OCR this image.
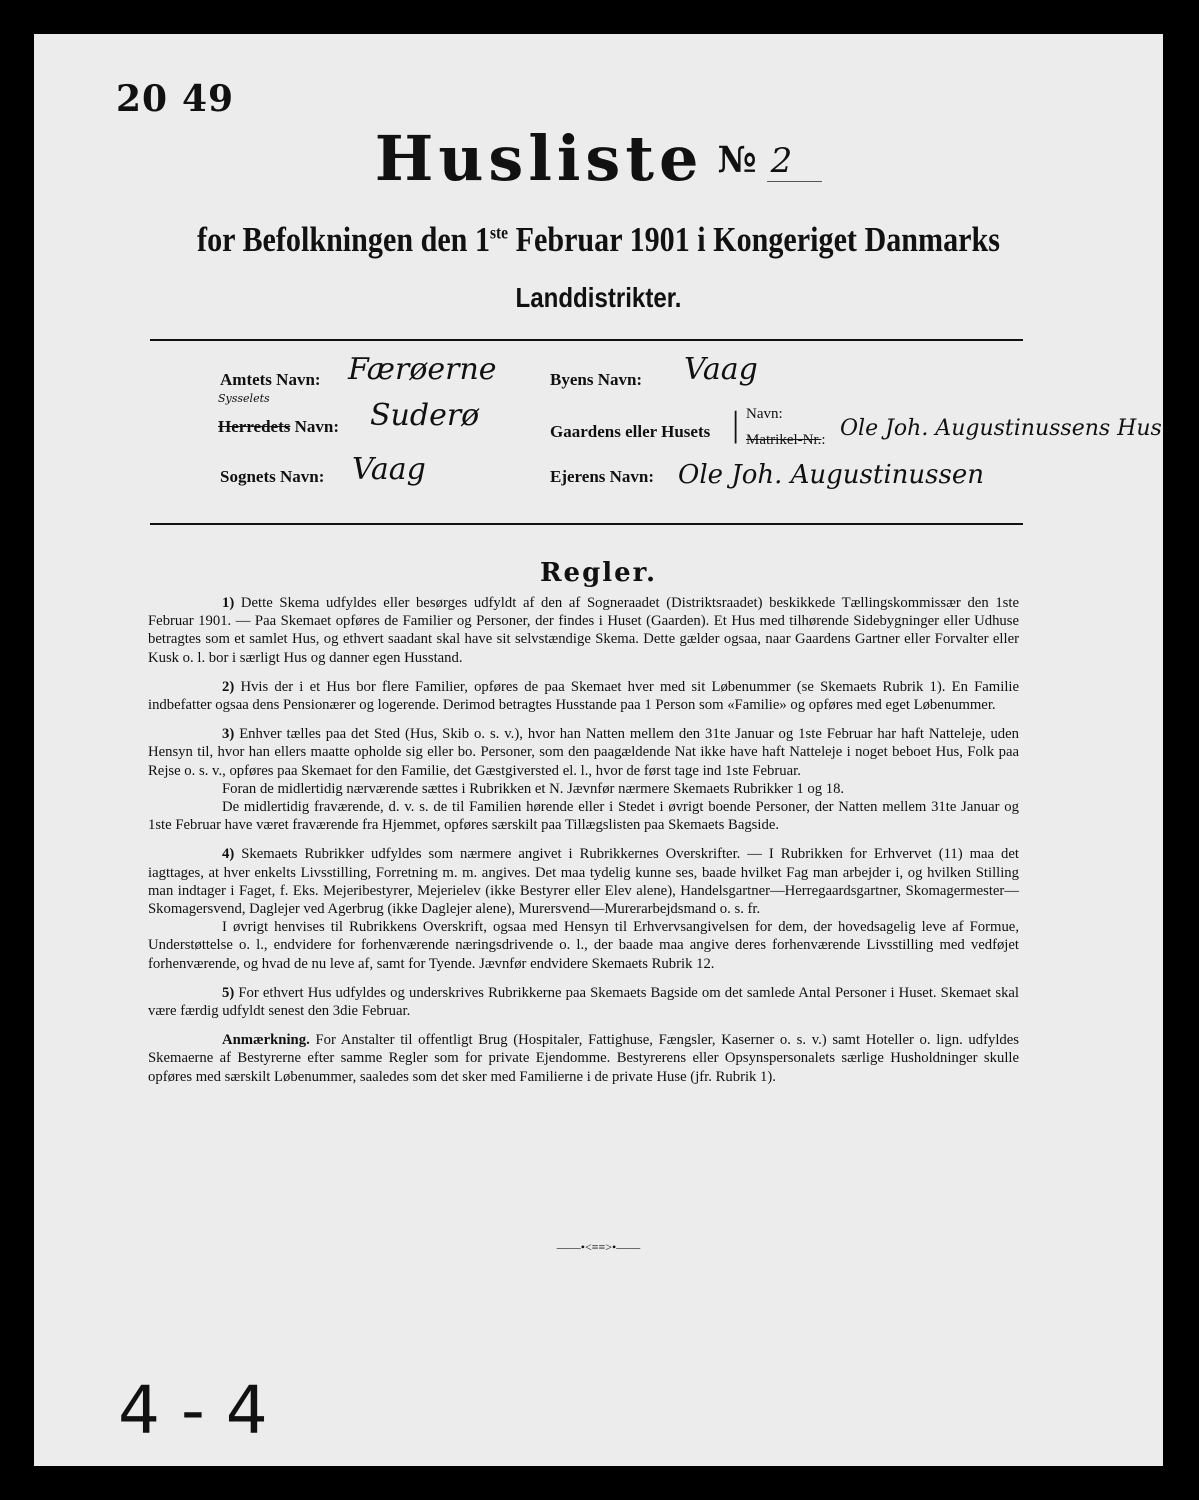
20 49
Husliste № 2
for Befolkningen den 1ste Februar 1901 i Kongeriget Danmarks
Landdistrikter.
Amtets Navn: Færøerne
Sysselets
Herredets Navn: Suderø
Sognets Navn: Vaag
Byens Navn: Vaag
Gaardens eller Husets | Navn:
Matrikel-Nr.: Ole Joh. Augustinussens Hus
Ejerens Navn: Ole Joh. Augustinussen
Regler.

1) Dette Skema udfyldes eller besørges udfyldt af den af Sogneraadet (Distriktsraadet) beskikkede Tællingskommissær den 1ste Februar 1901. — Paa Skemaet opføres de Familier og Personer, der findes i Huset (Gaarden). Et Hus med tilhørende Sidebygninger eller Udhuse betragtes som et samlet Hus, og ethvert saadant skal have sit selvstændige Skema. Dette gælder ogsaa, naar Gaardens Gartner eller Forvalter eller Kusk o. l. bor i særligt Hus og danner egen Husstand.

2) Hvis der i et Hus bor flere Familier, opføres de paa Skemaet hver med sit Løbenummer (se Skemaets Rubrik 1). En Familie indbefatter ogsaa dens Pensionærer og logerende. Derimod betragtes Husstande paa 1 Person som «Familie» og opføres med eget Løbenummer.

3) Enhver tælles paa det Sted (Hus, Skib o. s. v.), hvor han Natten mellem den 31te Januar og 1ste Februar har haft Natteleje, uden Hensyn til, hvor han ellers maatte opholde sig eller bo. Personer, som den paagældende Nat ikke have haft Natteleje i noget beboet Hus, Folk paa Rejse o. s. v., opføres paa Skemaet for den Familie, det Gæstgiversted el. l., hvor de først tage ind 1ste Februar.

Foran de midlertidig nærværende sættes i Rubrikken et N. Jævnfør nærmere Skemaets Rubrikker 1 og 18.

De midlertidig fraværende, d. v. s. de til Familien hørende eller i Stedet i øvrigt boende Personer, der Natten mellem 31te Januar og 1ste Februar have været fraværende fra Hjemmet, opføres særskilt paa Tillægslisten paa Skemaets Bagside.

4) Skemaets Rubrikker udfyldes som nærmere angivet i Rubrikkernes Overskrifter. — I Rubrikken for Erhvervet (11) maa det iagttages, at hver enkelts Livsstilling, Forretning m. m. angives. Det maa tydelig kunne ses, baade hvilket Fag man arbejder i, og hvilken Stilling man indtager i Faget, f. Eks. Mejeribestyrer, Mejerielev (ikke Bestyrer eller Elev alene), Handelsgartner—Herregaardsgartner, Skomagermester—Skomagersvend, Daglejer ved Agerbrug (ikke Daglejer alene), Murersvend—Murerarbejdsmand o. s. fr.

I øvrigt henvises til Rubrikkens Overskrift, ogsaa med Hensyn til Erhvervsangivelsen for dem, der hovedsagelig leve af Formue, Understøttelse o. l., endvidere for forhenværende næringsdrivende o. l., der baade maa angive deres forhenværende Livsstilling med vedføjet forhenværende, og hvad de nu leve af, samt for Tyende. Jævnfør endvidere Skemaets Rubrik 12.

5) For ethvert Hus udfyldes og underskrives Rubrikkerne paa Skemaets Bagside om det samlede Antal Personer i Huset. Skemaet skal være færdig udfyldt senest den 3die Februar.

Anmærkning. For Anstalter til offentligt Brug (Hospitaler, Fattighuse, Fængsler, Kaserner o. s. v.) samt Hoteller o. lign. udfyldes Skemaerne af Bestyrerne efter samme Regler som for private Ejendomme. Bestyrerens eller Opsynspersonalets særlige Husholdninger skulle opføres med særskilt Løbenummer, saaledes som det sker med Familierne i de private Huse (jfr. Rubrik 1).

——•<≡≡>•——
4 - 4
